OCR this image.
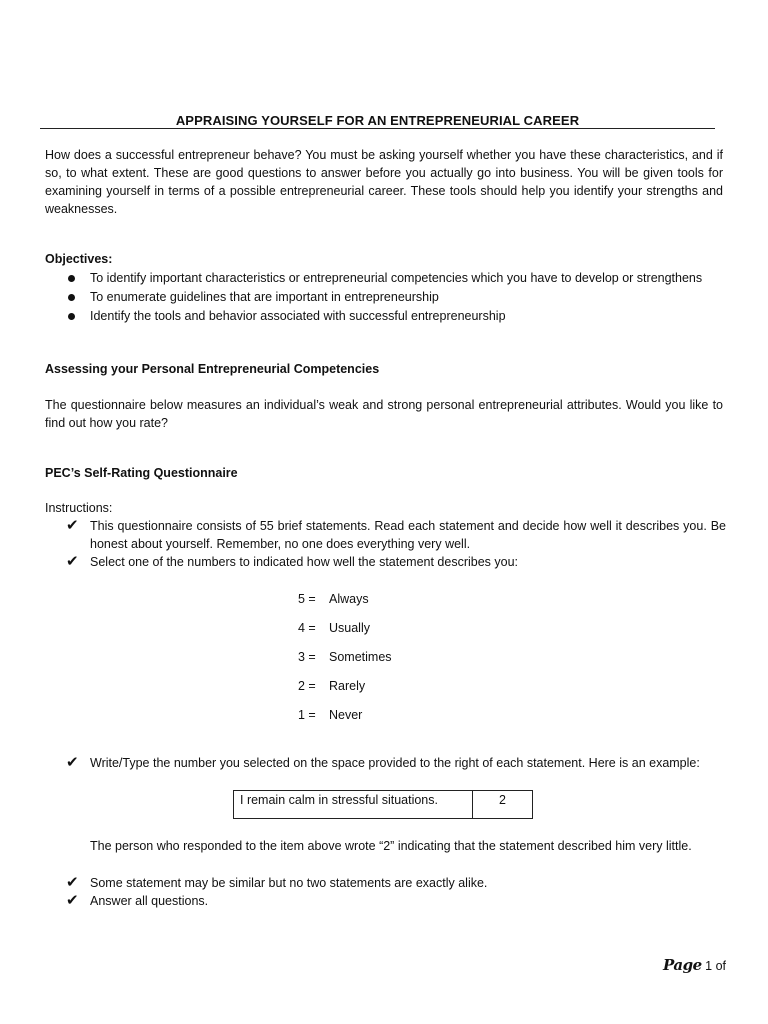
APPRAISING YOURSELF FOR AN ENTREPRENEURIAL CAREER
How does a successful entrepreneur behave? You must be asking yourself whether you have these characteristics, and if so, to what extent. These are good questions to answer before you actually go into business. You will be given tools for examining yourself in terms of a possible entrepreneurial career. These tools should help you identify your strengths and weaknesses.
Objectives:
To identify important characteristics or entrepreneurial competencies which you have to develop or strengthens
To enumerate guidelines that are important in entrepreneurship
Identify the tools and behavior associated with successful entrepreneurship
Assessing your Personal Entrepreneurial Competencies
The questionnaire below measures an individual’s weak and strong personal entrepreneurial attributes. Would you like to find out how you rate?
PEC’s Self-Rating Questionnaire
Instructions:
✔ This questionnaire consists of 55 brief statements. Read each statement and decide how well it describes you. Be honest about yourself. Remember, no one does everything very well.
✔ Select one of the numbers to indicated how well the statement describes you:
5 = Always
4 = Usually
3 = Sometimes
2 = Rarely
1 = Never
✔ Write/Type the number you selected on the space provided to the right of each statement. Here is an example:
I remain calm in stressful situations.	2
The person who responded to the item above wrote “2” indicating that the statement described him very little.
✔ Some statement may be similar but no two statements are exactly alike.
✔ Answer all questions.
Page 1 of
